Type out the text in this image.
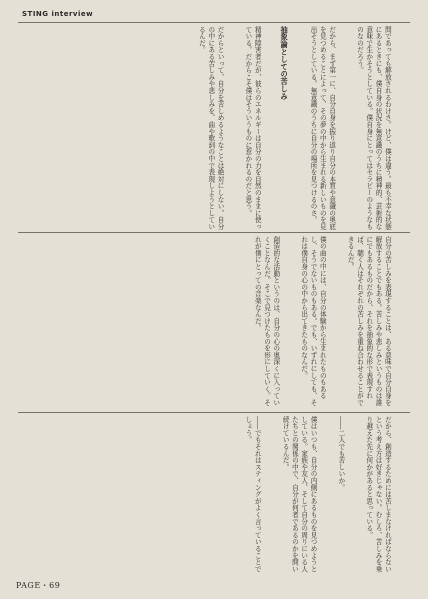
STING interview

問であっても解放されるわけさ。けど、僕は違う。最も不幸な状態にあるときにも、僕自身の状況を無意識のうちに精神的、芸術的な意味で生かそうとしている。僕自身にとってはセラピーのようなものなのだろう。

だから、まず第一に、自分自身を振り返り自分の本質や意識の奥底を見つめることによって、その夢の中から生まれる新しいものを見出そうとしている。無意識のうちに自分の場所を見つけるのさ。

抽象論としての苦しみ

精神障害者だが、彼らのエネルギーは自分の力を自然のままに使っている。だからこそ僕はそういうものに惹かれるのだと思う。

だからといって、自分を苦しめるようなことは絶対にしない。自分の中にある苦しみや悲しみを、曲や歌詞の中で表現しようとしているんだ。

自分の苦しみを表現することは、ある意味で自分自身を解放することでもある。苦しみや悲しみというものは誰にでもあるものだから、それを抽象的な形で表現すれば、聴く人はそれぞれの苦しみを重ね合わせることができるんだ。

僕の曲の中には、自分の体験から生まれたものもあるし、そうでないものもある。でも、いずれにしても、それは僕自身の心の中から出てきたものなんだ。

創造的な活動というのは、自分の心の奥深くに入っていくことなんだ。そこで見つけたものを形にしていく。それが僕にとっての音楽なんだ。

だから、創造するためには苦しまなければならないという考え方は好きじゃない。むしろ、苦しみを乗り越えた先に何かがあると思っている。

――二人でも苦しいか。

僕はいつも、自分の内側にあるものを見つめようとしている。家族や友人、そして自分の周りにいる人たちとの関係の中で、自分が何者であるのかを問い続けているんだ。

――でもそれはスティングがよく言っていることでしょう。

PAGE・69
